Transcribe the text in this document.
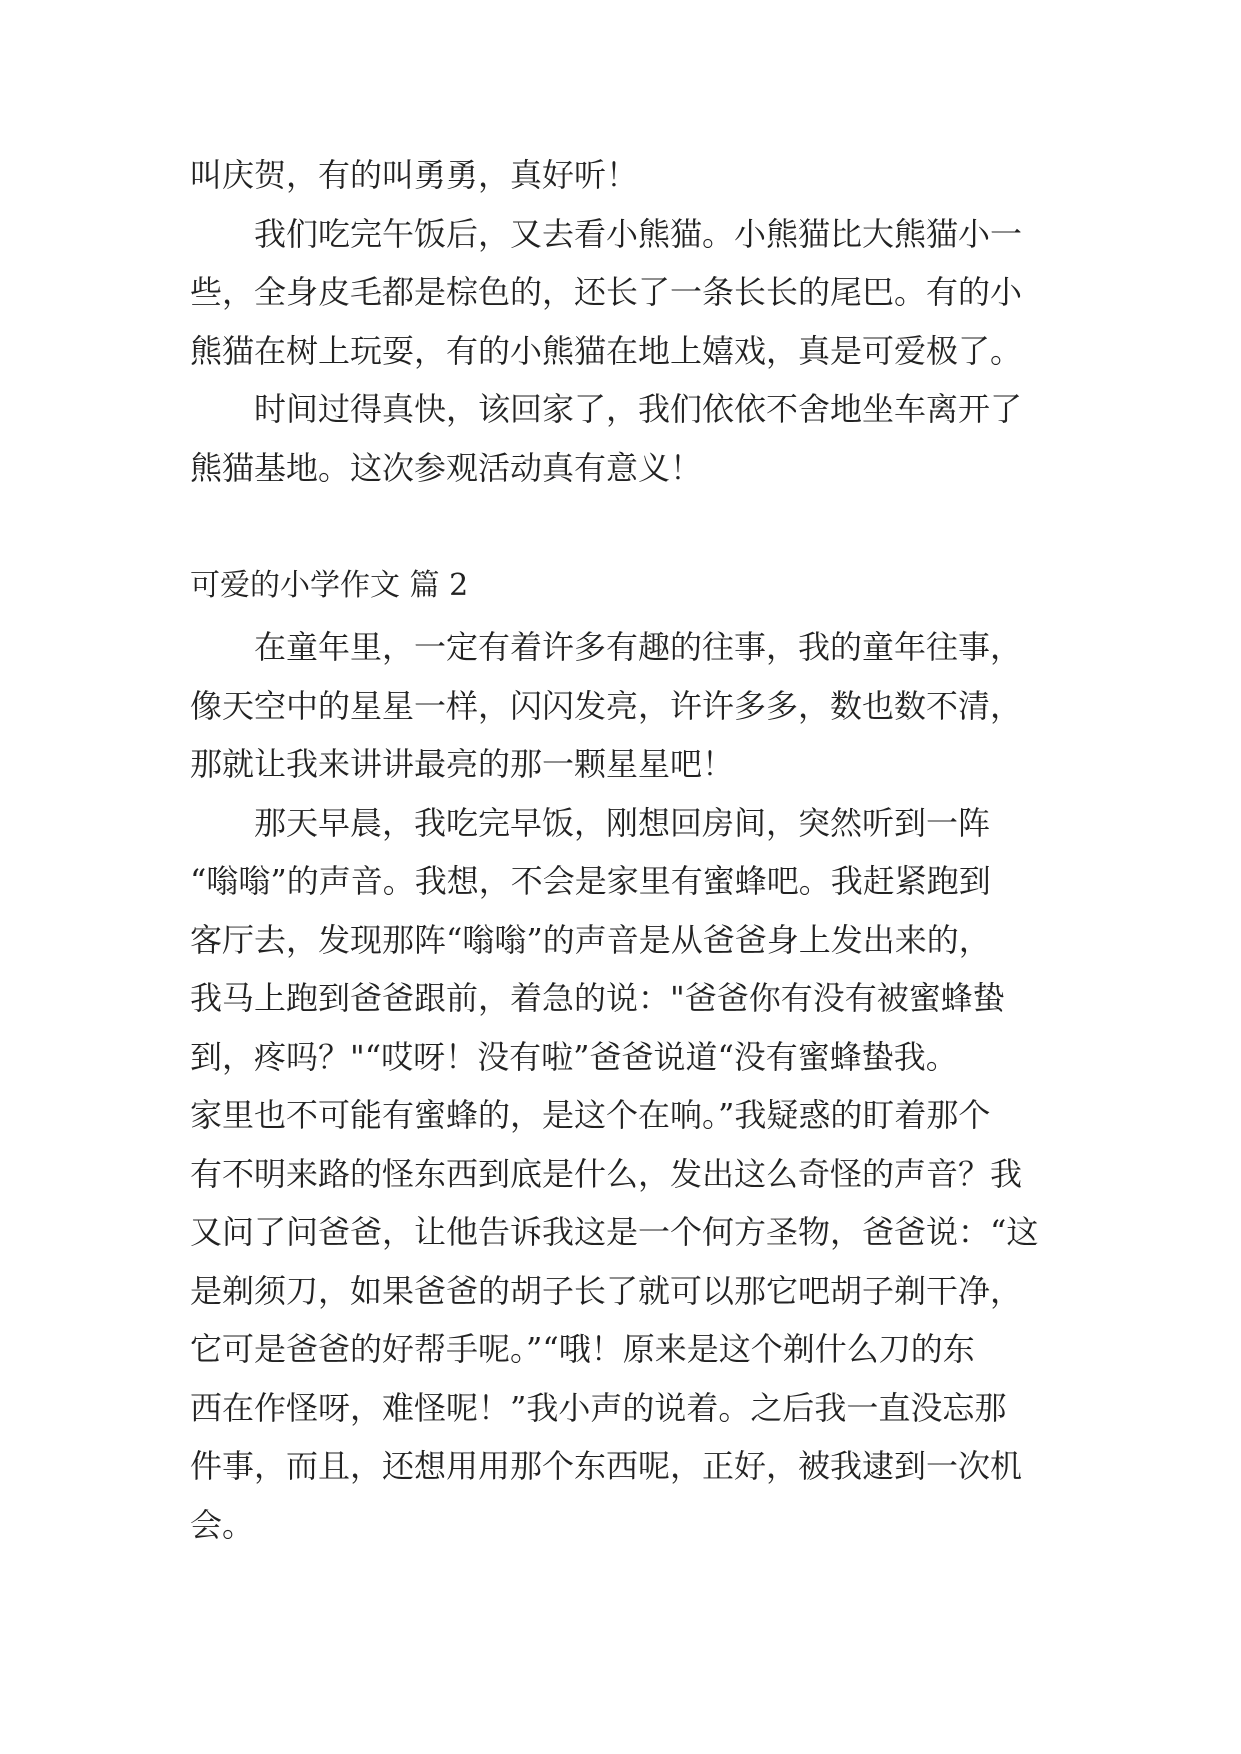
叫庆贺，有的叫勇勇，真好听！

我们吃完午饭后，又去看小熊猫。小熊猫比大熊猫小一

些，全身皮毛都是棕色的，还长了一条长长的尾巴。有的小

熊猫在树上玩耍，有的小熊猫在地上嬉戏，真是可爱极了。

时间过得真快，该回家了，我们依依不舍地坐车离开了

熊猫基地。这次参观活动真有意义！

可爱的小学作文 篇 2

在童年里，一定有着许多有趣的往事，我的童年往事，

像天空中的星星一样，闪闪发亮，许许多多，数也数不清，

那就让我来讲讲最亮的那一颗星星吧！

那天早晨，我吃完早饭，刚想回房间，突然听到一阵

“嗡嗡”的声音。我想，不会是家里有蜜蜂吧。我赶紧跑到

客厅去，发现那阵“嗡嗡”的声音是从爸爸身上发出来的，

我马上跑到爸爸跟前，着急的说："爸爸你有没有被蜜蜂蛰

到，疼吗？"“哎呀！没有啦”爸爸说道“没有蜜蜂蛰我。

家里也不可能有蜜蜂的，是这个在响。”我疑惑的盯着那个

有不明来路的怪东西到底是什么，发出这么奇怪的声音？我

又问了问爸爸，让他告诉我这是一个何方圣物，爸爸说：“这

是剃须刀，如果爸爸的胡子长了就可以那它吧胡子剃干净，

它可是爸爸的好帮手呢。”“哦！原来是这个剃什么刀的东

西在作怪呀，难怪呢！”我小声的说着。之后我一直没忘那

件事，而且，还想用用那个东西呢，正好，被我逮到一次机

会。
